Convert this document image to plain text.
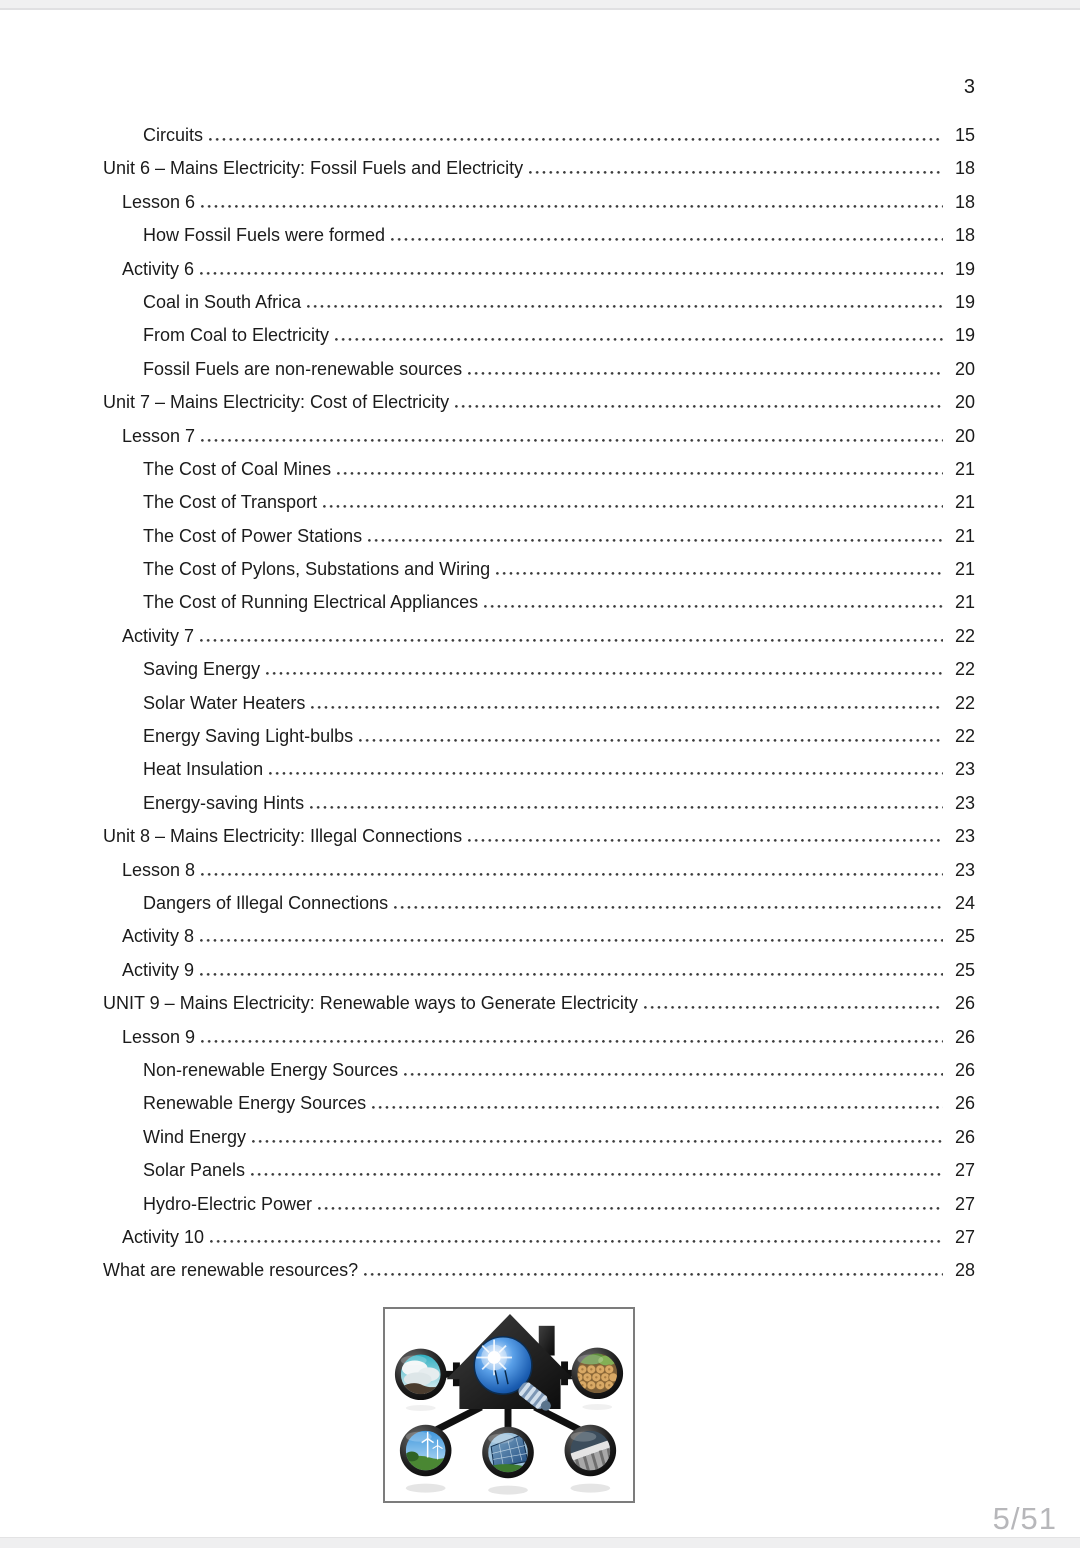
3
Circuits	15
Unit 6 – Mains Electricity: Fossil Fuels and Electricity	18
Lesson 6	18
How Fossil Fuels were formed	18
Activity 6	19
Coal in South Africa	19
From Coal to Electricity	19
Fossil Fuels are non-renewable sources	20
Unit 7 – Mains Electricity: Cost of Electricity	20
Lesson 7	20
The Cost of Coal Mines	21
The Cost of Transport	21
The Cost of Power Stations	21
The Cost of Pylons, Substations and Wiring	21
The Cost of Running Electrical Appliances	21
Activity 7	22
Saving Energy	22
Solar Water Heaters	22
Energy Saving Light-bulbs	22
Heat Insulation	23
Energy-saving Hints	23
Unit 8 – Mains Electricity: Illegal Connections	23
Lesson 8	23
Dangers of Illegal Connections	24
Activity 8	25
Activity 9	25
UNIT 9 – Mains Electricity: Renewable ways to Generate Electricity	26
Lesson 9	26
Non-renewable Energy Sources	26
Renewable Energy Sources	26
Wind Energy	26
Solar Panels	27
Hydro-Electric Power	27
Activity 10	27
What are renewable resources?	28
5/51
